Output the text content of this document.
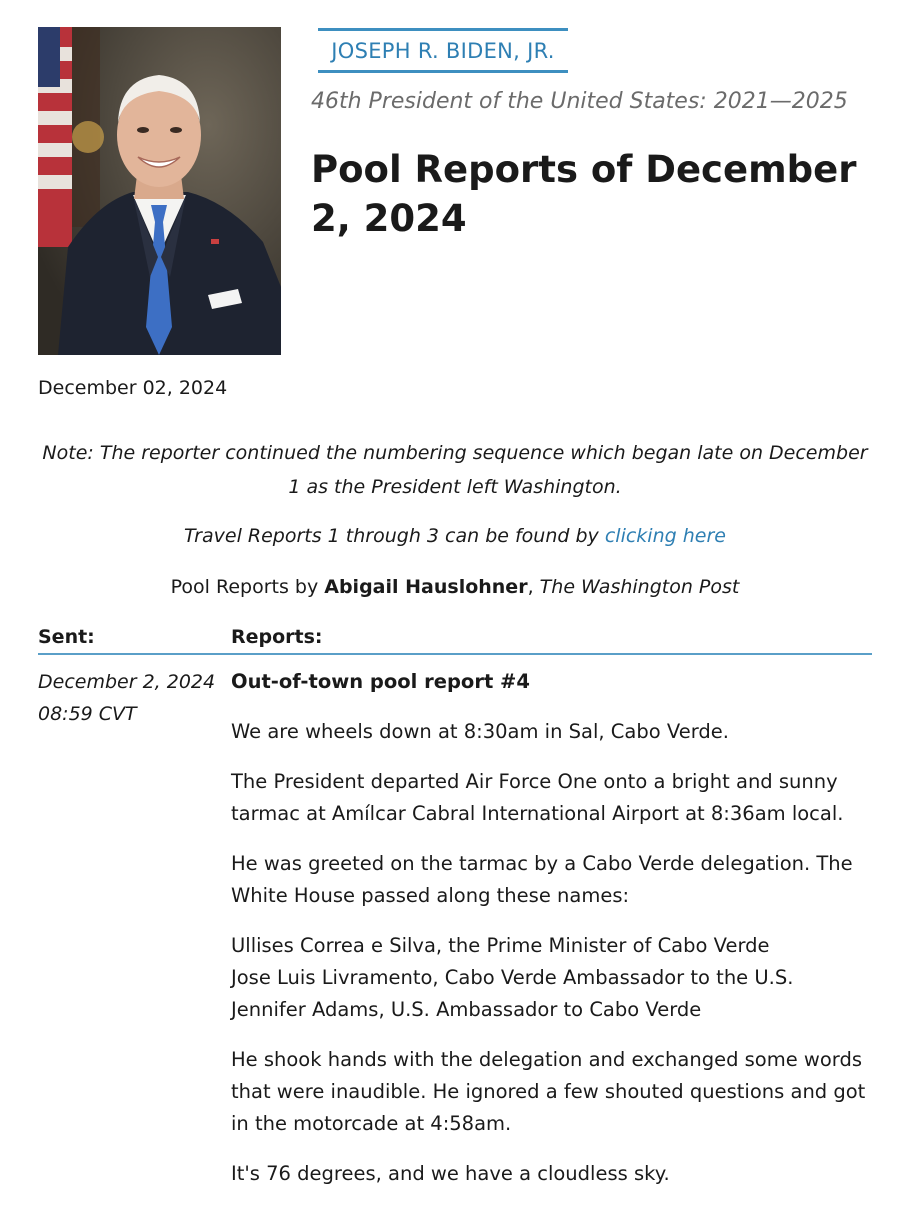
JOSEPH R. BIDEN, JR.
46th President of the United States: 2021—2025
Pool Reports of December 2, 2024
December 02, 2024
Note: The reporter continued the numbering sequence which began late on December 1 as the President left Washington.
Travel Reports 1 through 3 can be found by clicking here
Pool Reports by Abigail Hauslohner, The Washington Post
Sent:	Reports:
December 2, 2024
08:59 CVT
Out-of-town pool report #4

We are wheels down at 8:30am in Sal, Cabo Verde.

The President departed Air Force One onto a bright and sunny tarmac at Amílcar Cabral International Airport at 8:36am local.

He was greeted on the tarmac by a Cabo Verde delegation. The White House passed along these names:

Ullises Correa e Silva, the Prime Minister of Cabo Verde
Jose Luis Livramento, Cabo Verde Ambassador to the U.S.
Jennifer Adams, U.S. Ambassador to Cabo Verde

He shook hands with the delegation and exchanged some words that were inaudible. He ignored a few shouted questions and got in the motorcade at 4:58am.

It's 76 degrees, and we have a cloudless sky.
